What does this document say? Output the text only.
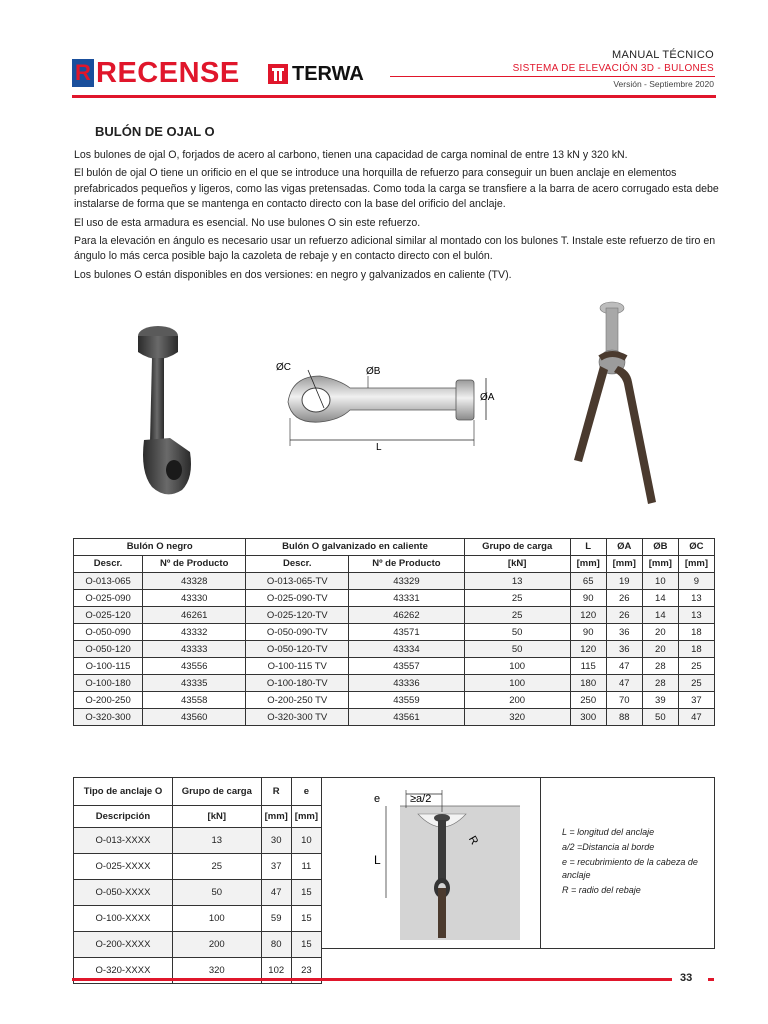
R RECENSE	TERWA
MANUAL TÉCNICO
SISTEMA DE ELEVACIÓN 3D - BULONES
Versión - Septiembre 2020
BULÓN DE OJAL O

Los bulones de ojal O, forjados de acero al carbono, tienen una capacidad de carga nominal de entre 13 kN y 320 kN.

El bulón de ojal O tiene un orificio en el que se introduce una horquilla de refuerzo para conseguir un buen anclaje en elementos prefabricados pequeños y ligeros, como las vigas pretensadas. Como toda la carga se transfiere a la barra de acero corrugado esta debe instalarse de forma que se mantenga en contacto directo con la base del orificio del anclaje.

El uso de esta armadura es esencial. No use bulones O sin este refuerzo.

Para la elevación en ángulo es necesario usar un refuerzo adicional similar al montado con los bulones T. Instale este refuerzo de tiro en ángulo lo más cerca posible bajo la cazoleta de rebaje y en contacto directo con el bulón.

Los bulones O están disponibles en dos versiones: en negro y galvanizados en caliente (TV).

ØC	ØB
ØA
L
Bulón O negro		Bulón O galvanizado en caliente		Grupo de carga	L	ØA	ØB	ØC
Descr.	Nº de Producto	Descr.	Nº de Producto	[kN]	[mm]	[mm]	[mm]	[mm]
O-013-065	43328	O-013-065-TV	43329	13	65	19	10	9
O-025-090	43330	O-025-090-TV	43331	25	90	26	14	13
O-025-120	46261	O-025-120-TV	46262	25	120	26	14	13
O-050-090	43332	O-050-090-TV	43571	50	90	36	20	18
O-050-120	43333	O-050-120-TV	43334	50	120	36	20	18
O-100-115	43556	O-100-115 TV	43557	100	115	47	28	25
O-100-180	43335	O-100-180-TV	43336	100	180	47	28	25
O-200-250	43558	O-200-250 TV	43559	200	250	70	39	37
O-320-300	43560	O-320-300 TV	43561	320	300	88	50	47
Tipo de anclaje O	Grupo de carga	R	e
Descripción	[kN]	[mm]	[mm]
O-013-XXXX	13	30	10
O-025-XXXX	25	37	11
O-050-XXXX	50	47	15
O-100-XXXX	100	59	15
O-200-XXXX	200	80	15
O-320-XXXX	320	102	23
e	≥a/2
R
L
L = longitud del anclaje
a/2 =Distancia al borde
e = recubrimiento de la cabeza de anclaje
R = radio del rebaje
33
